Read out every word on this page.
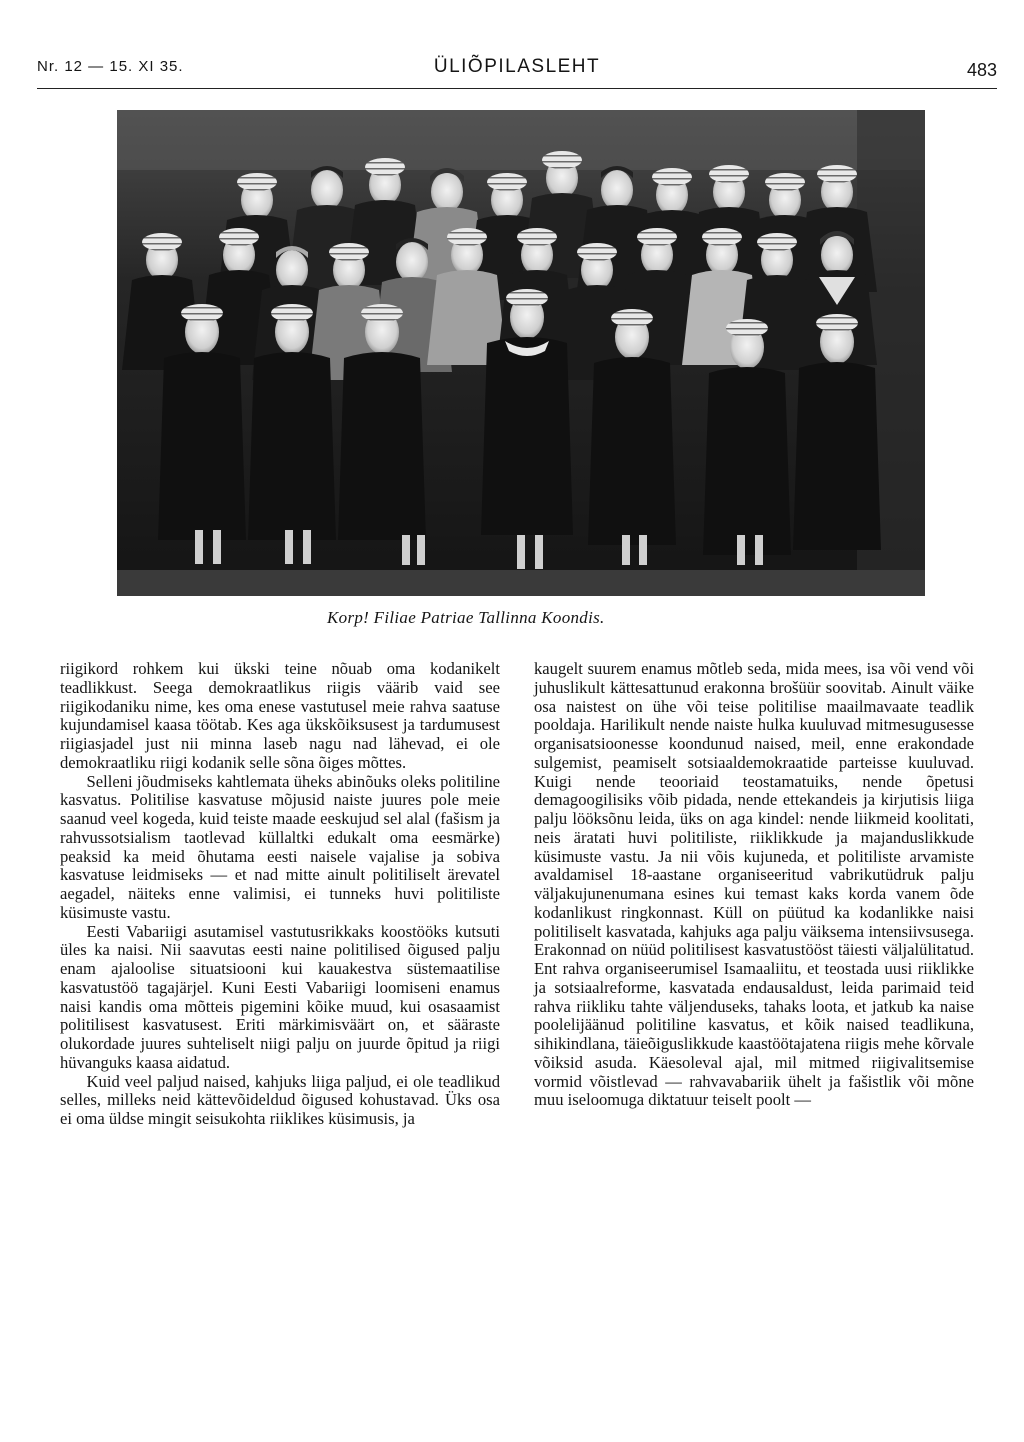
Nr. 12 — 15. XI 35.	ÜLIÕPILASLEHT	483
Korp! Filiae Patriae Tallinna Koondis.

riigikord rohkem kui ükski teine nõuab oma kodanikelt teadlikkust. Seega demokraatlikus riigis väärib vaid see riigikodaniku nime, kes oma enese vastutusel meie rahva saatuse kujundamisel kaasa töötab. Kes aga ükskõiksusest ja tardumusest riigiasjadel just nii minna laseb nagu nad lähevad, ei ole demokraatliku riigi kodanik selle sõna õiges mõttes.

Selleni jõudmiseks kahtlemata üheks abinõuks oleks politiline kasvatus. Politilise kasvatuse mõjusid naiste juures pole meie saanud veel kogeda, kuid teiste maade eeskujud sel alal (fašism ja rahvussotsialism taotlevad küllaltki edukalt oma eesmärke) peaksid ka meid õhutama eesti naisele vajalise ja sobiva kasvatuse leidmiseks — et nad mitte ainult politiliselt ärevatel aegadel, näiteks enne valimisi, ei tunneks huvi politiliste küsimuste vastu.

Eesti Vabariigi asutamisel vastutusrikkaks koostööks kutsuti üles ka naisi. Nii saavutas eesti naine politilised õigused palju enam ajaloolise situatsiooni kui kauakestva süstemaatilise kasvatustöö tagajärjel. Kuni Eesti Vabariigi loomiseni enamus naisi kandis oma mõtteis pigemini kõike muud, kui osasaamist politilisest kasvatusest. Eriti märkimisväärt on, et sääraste olukordade juures suhteliselt niigi palju on juurde õpitud ja riigi hüvanguks kaasa aidatud.

Kuid veel paljud naised, kahjuks liiga paljud, ei ole teadlikud selles, milleks neid kättevõideldud õigused kohustavad. Üks osa ei oma üldse mingit seisukohta riiklikes küsimusis, ja

kaugelt suurem enamus mõtleb seda, mida mees, isa või vend või juhuslikult kättesattunud erakonna brošüür soovitab. Ainult väike osa naistest on ühe või teise politilise maailmavaate teadlik pooldaja. Harilikult nende naiste hulka kuuluvad mitmesugusesse organisatsioonesse koondunud naised, meil, enne erakondade sulgemist, peamiselt sotsiaaldemokraatide parteisse kuuluvad. Kuigi nende teooriaid teostamatuiks, nende õpetusi demagoogilisiks võib pidada, nende ettekandeis ja kirjutisis liiga palju lööksõnu leida, üks on aga kindel: nende liikmeid koolitati, neis äratati huvi politiliste, riiklikkude ja majanduslikkude küsimuste vastu. Ja nii võis kujuneda, et politiliste arvamiste avaldamisel 18-aastane organiseeritud vabrikutüdruk palju väljakujunenumana esines kui temast kaks korda vanem õde kodanlikust ringkonnast. Küll on püütud ka kodanlikke naisi politiliselt kasvatada, kahjuks aga palju väiksema intensiivsusega. Erakonnad on nüüd politilisest kasvatustööst täiesti väljalülitatud. Ent rahva organiseerumisel Isamaaliitu, et teostada uusi riiklikke ja sotsiaalreforme, kasvatada endausaldust, leida parimaid teid rahva riikliku tahte väljenduseks, tahaks loota, et jatkub ka naise poolelijäänud politiline kasvatus, et kõik naised teadlikuna, sihikindlana, täieõiguslikkude kaastöötajatena riigis mehe kõrvale võiksid asuda. Käesoleval ajal, mil mitmed riigivalitsemise vormid võistlevad — rahvavabariik ühelt ja fašistlik või mõne muu iseloomuga diktatuur teiselt poolt —
